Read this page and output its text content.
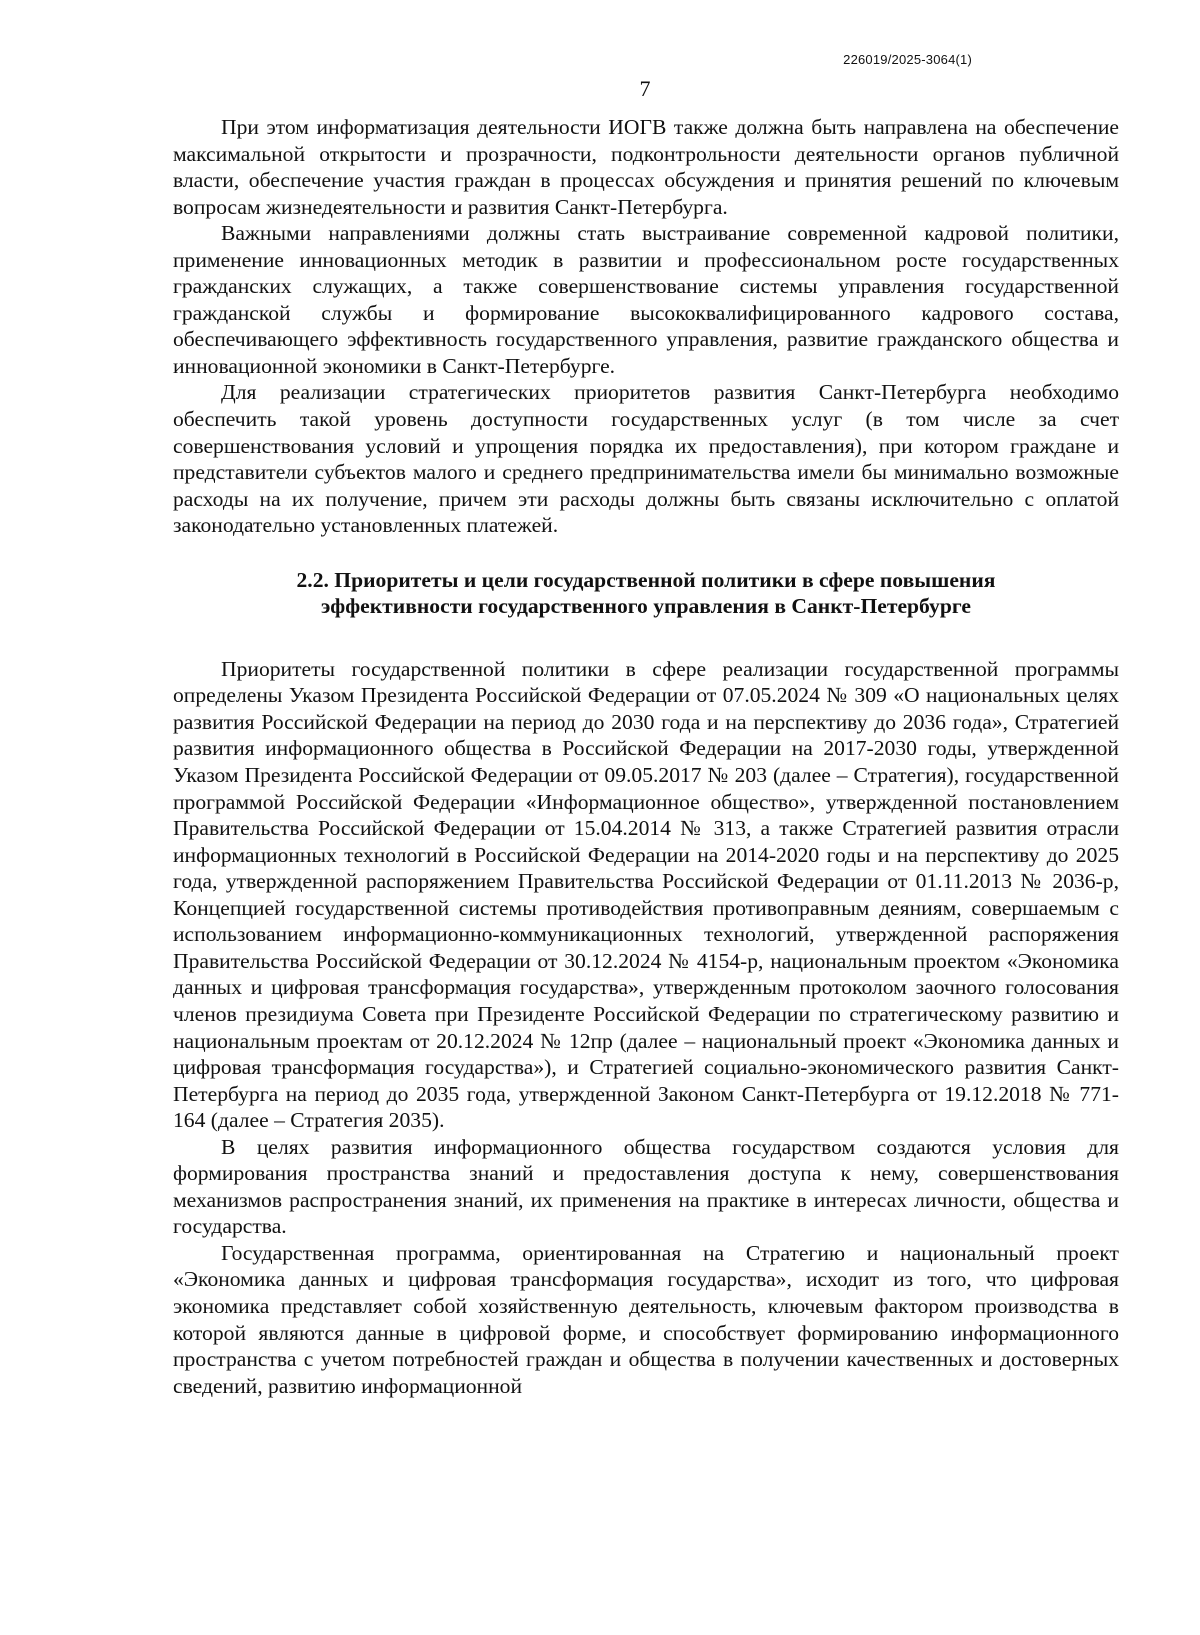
226019/2025-3064(1)
7

При этом информатизация деятельности ИОГВ также должна быть направлена на обеспечение максимальной открытости и прозрачности, подконтрольности деятельности органов публичной власти, обеспечение участия граждан в процессах обсуждения и принятия решений по ключевым вопросам жизнедеятельности и развития Санкт-Петербурга.

Важными направлениями должны стать выстраивание современной кадровой политики, применение инновационных методик в развитии и профессиональном росте государственных гражданских служащих, а также совершенствование системы управления государственной гражданской службы и формирование высококвалифицированного кадрового состава, обеспечивающего эффективность государственного управления, развитие гражданского общества и инновационной экономики в Санкт-Петербурге.

Для реализации стратегических приоритетов развития Санкт-Петербурга необходимо обеспечить такой уровень доступности государственных услуг (в том числе за счет совершенствования условий и упрощения порядка их предоставления), при котором граждане и представители субъектов малого и среднего предпринимательства имели бы минимально возможные расходы на их получение, причем эти расходы должны быть связаны исключительно с оплатой законодательно установленных платежей.

2.2. Приоритеты и цели государственной политики в сфере повышения
эффективности государственного управления в Санкт-Петербурге

Приоритеты государственной политики в сфере реализации государственной программы определены Указом Президента Российской Федерации от 07.05.2024 № 309 «О национальных целях развития Российской Федерации на период до 2030 года и на перспективу до 2036 года», Стратегией развития информационного общества в Российской Федерации на 2017-2030 годы, утвержденной Указом Президента Российской Федерации от 09.05.2017 № 203 (далее – Стратегия), государственной программой Российской Федерации «Информационное общество», утвержденной постановлением Правительства Российской Федерации от 15.04.2014 № 313, а также Стратегией развития отрасли информационных технологий в Российской Федерации на 2014-2020 годы и на перспективу до 2025 года, утвержденной распоряжением Правительства Российской Федерации от 01.11.2013 № 2036-р, Концепцией государственной системы противодействия противоправным деяниям, совершаемым с использованием информационно-коммуникационных технологий, утвержденной распоряжения Правительства Российской Федерации от 30.12.2024 № 4154-р, национальным проектом «Экономика данных и цифровая трансформация государства», утвержденным протоколом заочного голосования членов президиума Совета при Президенте Российской Федерации по стратегическому развитию и национальным проектам от 20.12.2024 № 12пр (далее – национальный проект «Экономика данных и цифровая трансформация государства»), и Стратегией социально-экономического развития Санкт-Петербурга на период до 2035 года, утвержденной Законом Санкт-Петербурга от 19.12.2018 № 771-164 (далее – Стратегия 2035).

В целях развития информационного общества государством создаются условия для формирования пространства знаний и предоставления доступа к нему, совершенствования механизмов распространения знаний, их применения на практике в интересах личности, общества и государства.

Государственная программа, ориентированная на Стратегию и национальный проект «Экономика данных и цифровая трансформация государства», исходит из того, что цифровая экономика представляет собой хозяйственную деятельность, ключевым фактором производства в которой являются данные в цифровой форме, и способствует формированию информационного пространства с учетом потребностей граждан и общества в получении качественных и достоверных сведений, развитию информационной
